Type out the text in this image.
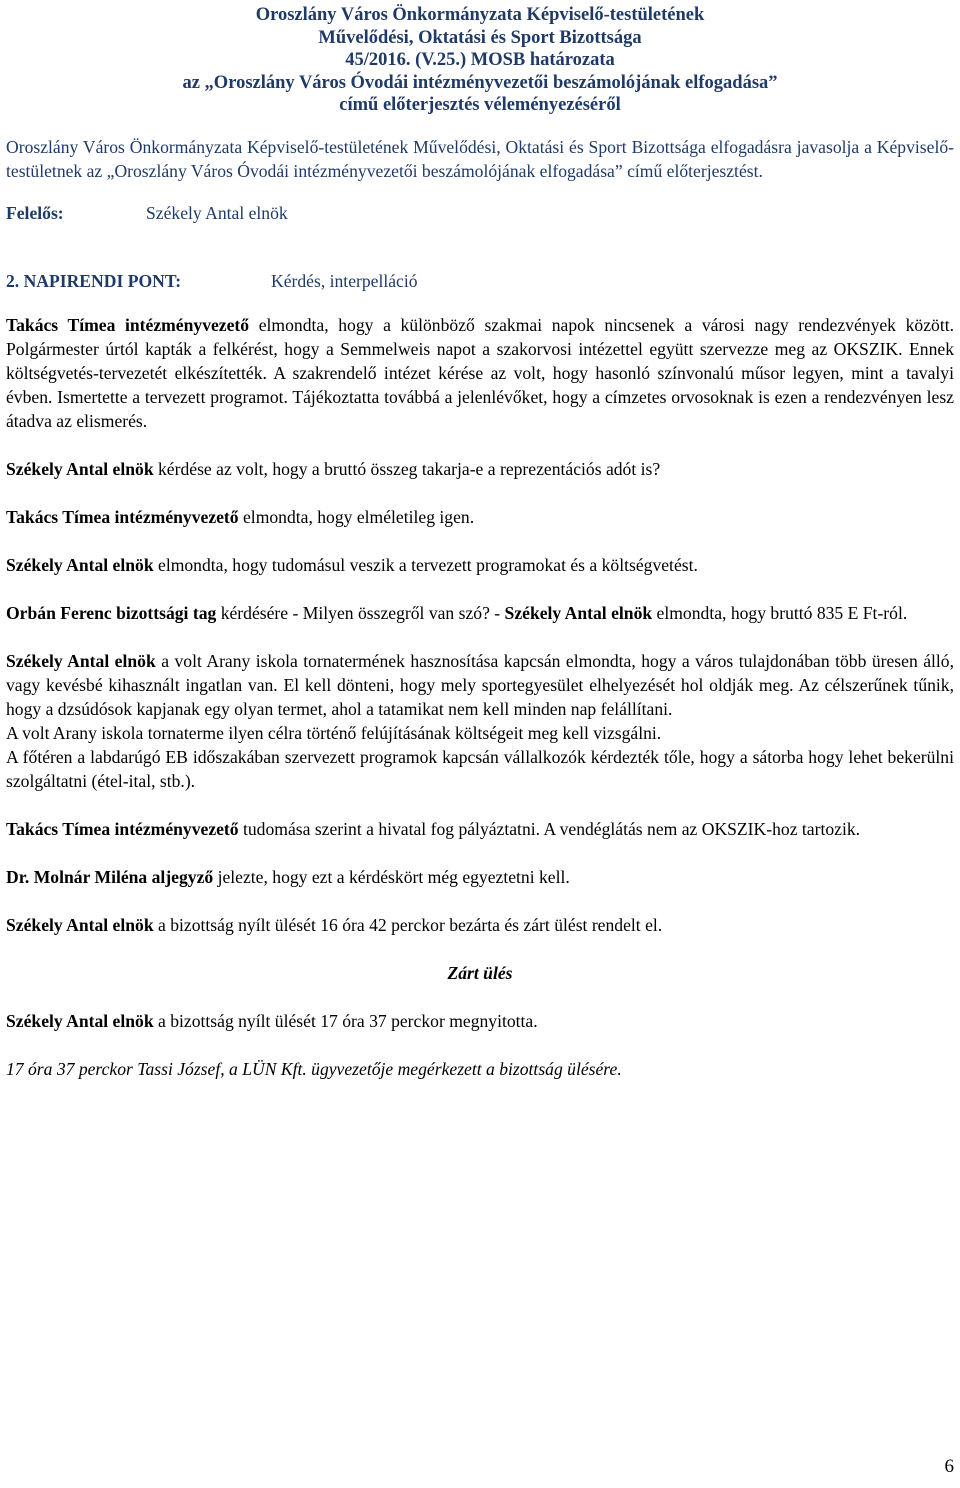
Oroszlány Város Önkormányzata Képviselő-testületének

Művelődési, Oktatási és Sport Bizottsága

45/2016. (V.25.) MOSB határozata

az „Oroszlány Város Óvodái intézményvezetői beszámolójának elfogadása”

című előterjesztés véleményezéséről

Oroszlány Város Önkormányzata Képviselő-testületének Művelődési, Oktatási és Sport Bizottsága elfogadásra javasolja a Képviselő-testületnek az „Oroszlány Város Óvodái intézményvezetői beszámolójának elfogadása” című előterjesztést.

Felelős:	Székely Antal elnök
2. NAPIRENDI PONT:	Kérdés, interpelláció

Takács Tímea intézményvezető elmondta, hogy a különböző szakmai napok nincsenek a városi nagy rendezvények között. Polgármester úrtól kapták a felkérést, hogy a Semmelweis napot a szakorvosi intézettel együtt szervezze meg az OKSZIK. Ennek költségvetés-tervezetét elkészítették. A szakrendelő intézet kérése az volt, hogy hasonló színvonalú műsor legyen, mint a tavalyi évben. Ismertette a tervezett programot. Tájékoztatta továbbá a jelenlévőket, hogy a címzetes orvosoknak is ezen a rendezvényen lesz átadva az elismerés.

Székely Antal elnök kérdése az volt, hogy a bruttó összeg takarja-e a reprezentációs adót is?

Takács Tímea intézményvezető elmondta, hogy elméletileg igen.

Székely Antal elnök elmondta, hogy tudomásul veszik a tervezett programokat és a költségvetést.

Orbán Ferenc bizottsági tag kérdésére - Milyen összegről van szó? - Székely Antal elnök elmondta, hogy bruttó 835 E Ft-ról.

Székely Antal elnök a volt Arany iskola tornatermének hasznosítása kapcsán elmondta, hogy a város tulajdonában több üresen álló, vagy kevésbé kihasznált ingatlan van. El kell dönteni, hogy mely sportegyesület elhelyezését hol oldják meg. Az célszerűnek tűnik, hogy a dzsúdósok kapjanak egy olyan termet, ahol a tatamikat nem kell minden nap felállítani.

A volt Arany iskola tornaterme ilyen célra történő felújításának költségeit meg kell vizsgálni.

A főtéren a labdarúgó EB időszakában szervezett programok kapcsán vállalkozók kérdezték tőle, hogy a sátorba hogy lehet bekerülni szolgáltatni (étel-ital, stb.).

Takács Tímea intézményvezető tudomása szerint a hivatal fog pályáztatni. A vendéglátás nem az OKSZIK-hoz tartozik.

Dr. Molnár Miléna aljegyző jelezte, hogy ezt a kérdéskört még egyeztetni kell.

Székely Antal elnök a bizottság nyílt ülését 16 óra 42 perckor bezárta és zárt ülést rendelt el.

Zárt ülés

Székely Antal elnök a bizottság nyílt ülését 17 óra 37 perckor megnyitotta.

17 óra 37 perckor Tassi József, a LÜN Kft. ügyvezetője megérkezett a bizottság ülésére.

6
